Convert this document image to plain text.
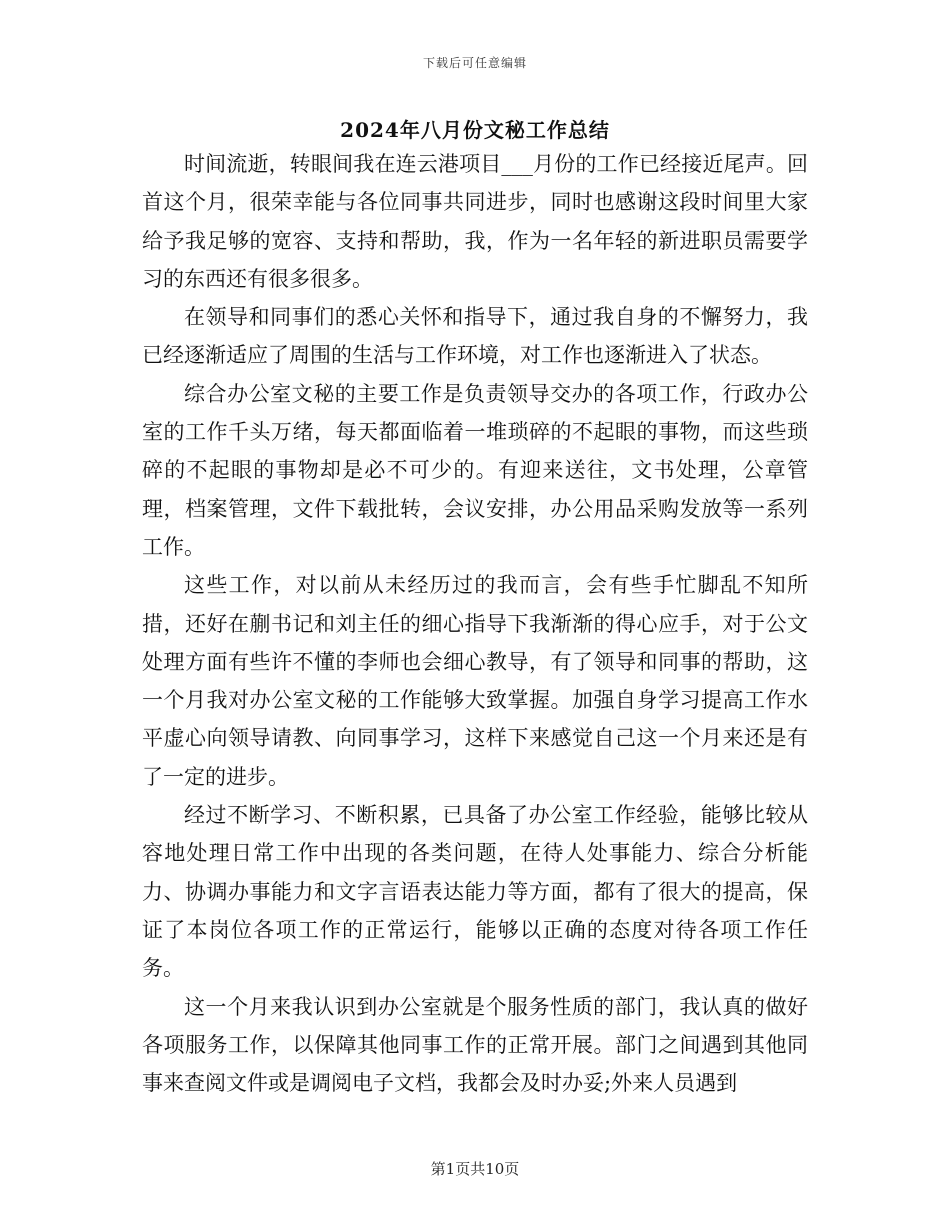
下载后可任意编辑
2024年八月份文秘工作总结

时间流逝，转眼间我在连云港项目___月份的工作已经接近尾声。回首这个月，很荣幸能与各位同事共同进步，同时也感谢这段时间里大家给予我足够的宽容、支持和帮助，我，作为一名年轻的新进职员需要学习的东西还有很多很多。

在领导和同事们的悉心关怀和指导下，通过我自身的不懈努力，我已经逐渐适应了周围的生活与工作环境，对工作也逐渐进入了状态。

综合办公室文秘的主要工作是负责领导交办的各项工作，行政办公室的工作千头万绪，每天都面临着一堆琐碎的不起眼的事物，而这些琐碎的不起眼的事物却是必不可少的。有迎来送往，文书处理，公章管理，档案管理，文件下载批转，会议安排，办公用品采购发放等一系列工作。

这些工作，对以前从未经历过的我而言，会有些手忙脚乱不知所措，还好在蒯书记和刘主任的细心指导下我渐渐的得心应手，对于公文处理方面有些许不懂的李师也会细心教导，有了领导和同事的帮助，这一个月我对办公室文秘的工作能够大致掌握。加强自身学习提高工作水平虚心向领导请教、向同事学习，这样下来感觉自己这一个月来还是有了一定的进步。

经过不断学习、不断积累，已具备了办公室工作经验，能够比较从容地处理日常工作中出现的各类问题，在待人处事能力、综合分析能力、协调办事能力和文字言语表达能力等方面，都有了很大的提高，保证了本岗位各项工作的正常运行，能够以正确的态度对待各项工作任务。

这一个月来我认识到办公室就是个服务性质的部门，我认真的做好各项服务工作，以保障其他同事工作的正常开展。部门之间遇到其他同事来查阅文件或是调阅电子文档，我都会及时办妥;外来人员遇到

第1页共10页
